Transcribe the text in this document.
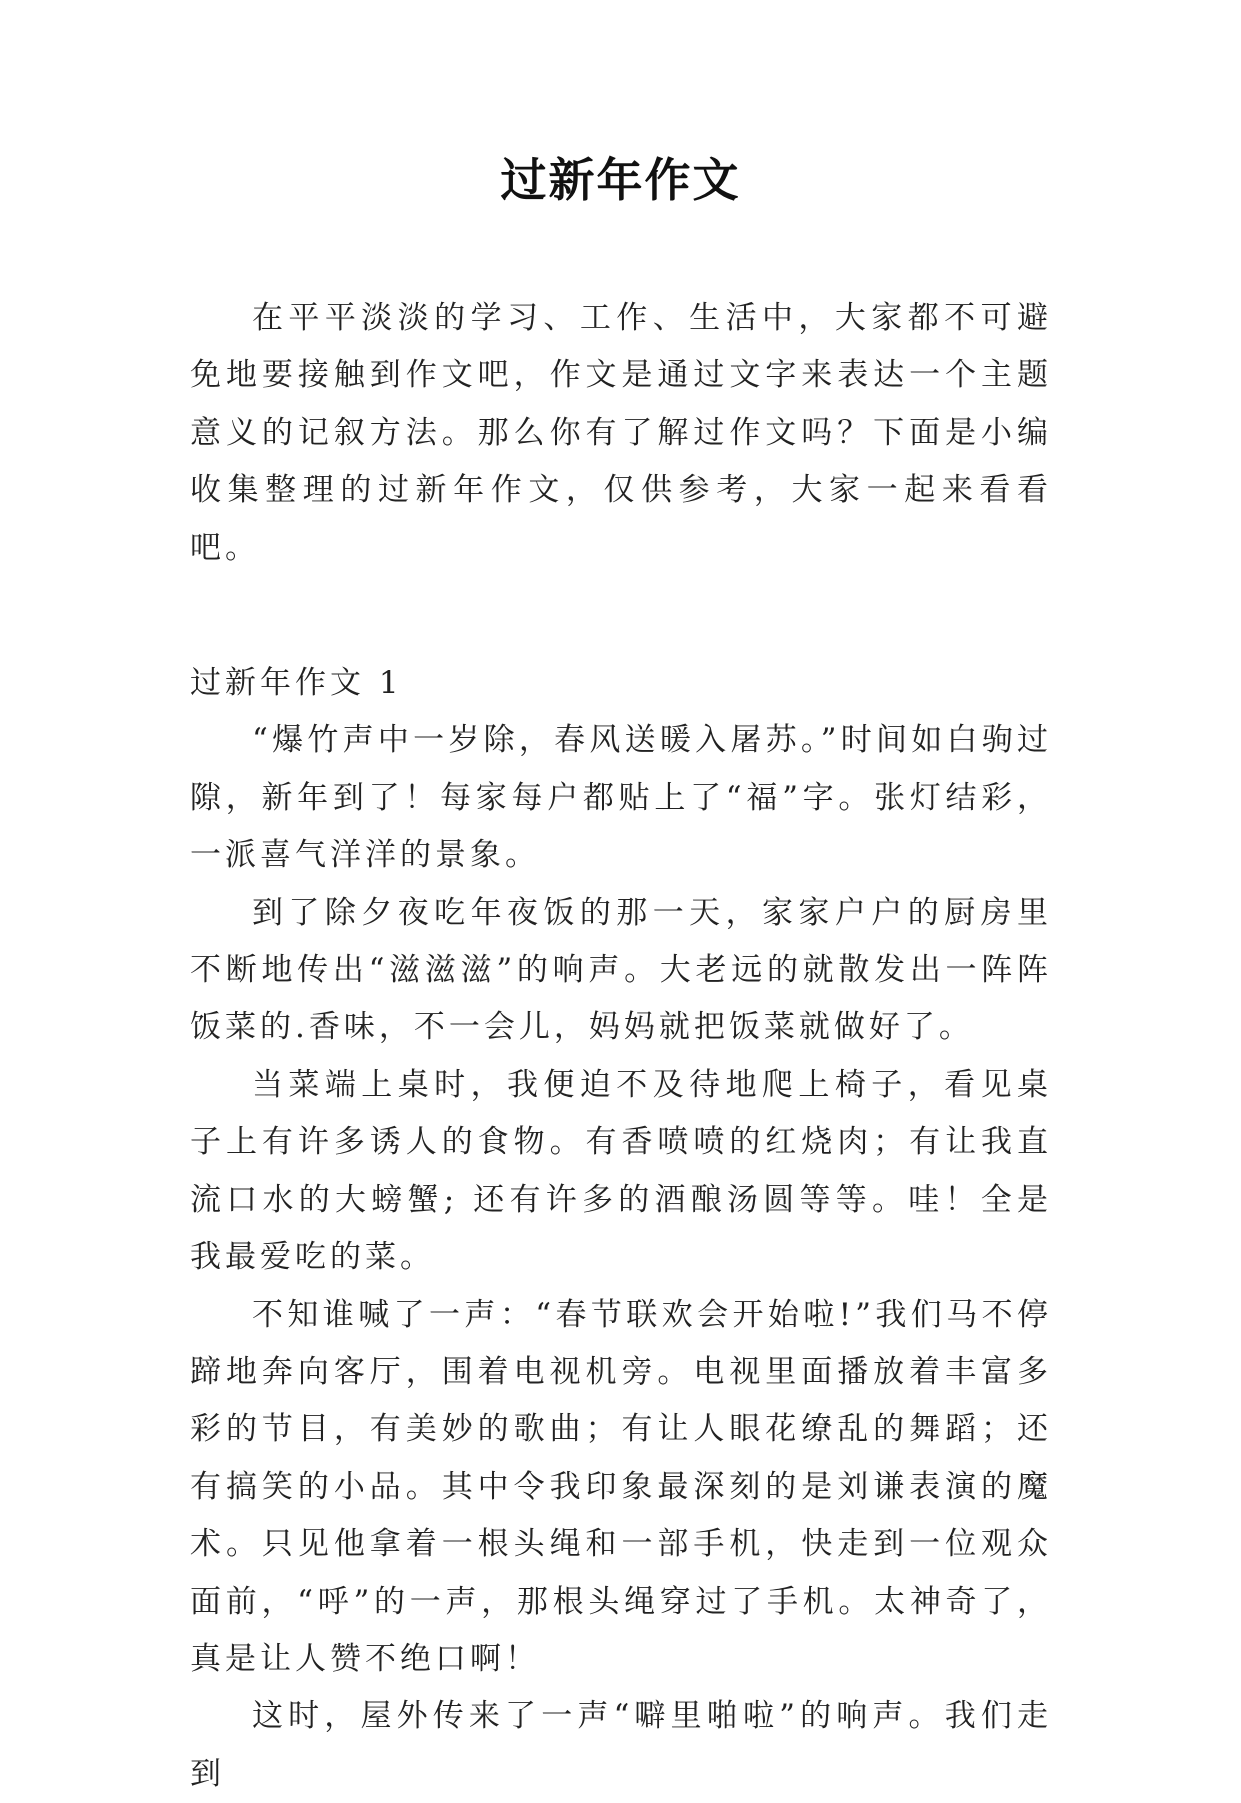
过新年作文

在平平淡淡的学习、工作、生活中，大家都不可避免地要接触到作文吧，作文是通过文字来表达一个主题意义的记叙方法。那么你有了解过作文吗？下面是小编收集整理的过新年作文，仅供参考，大家一起来看看吧。

过新年作文 1

“爆竹声中一岁除，春风送暖入屠苏。”时间如白驹过隙，新年到了！每家每户都贴上了“福”字。张灯结彩，一派喜气洋洋的景象。

到了除夕夜吃年夜饭的那一天，家家户户的厨房里不断地传出“滋滋滋”的响声。大老远的就散发出一阵阵饭菜的.香味，不一会儿，妈妈就把饭菜就做好了。

当菜端上桌时，我便迫不及待地爬上椅子，看见桌子上有许多诱人的食物。有香喷喷的红烧肉；有让我直流口水的大螃蟹; 还有许多的酒酿汤圆等等。哇！全是我最爱吃的菜。

不知谁喊了一声：“春节联欢会开始啦!”我们马不停蹄地奔向客厅，围着电视机旁。电视里面播放着丰富多彩的节目，有美妙的歌曲；有让人眼花缭乱的舞蹈；还有搞笑的小品。其中令我印象最深刻的是刘谦表演的魔术。只见他拿着一根头绳和一部手机，快走到一位观众面前，“呼”的一声，那根头绳穿过了手机。太神奇了，真是让人赞不绝口啊！

这时，屋外传来了一声“噼里啪啦”的响声。我们走到
